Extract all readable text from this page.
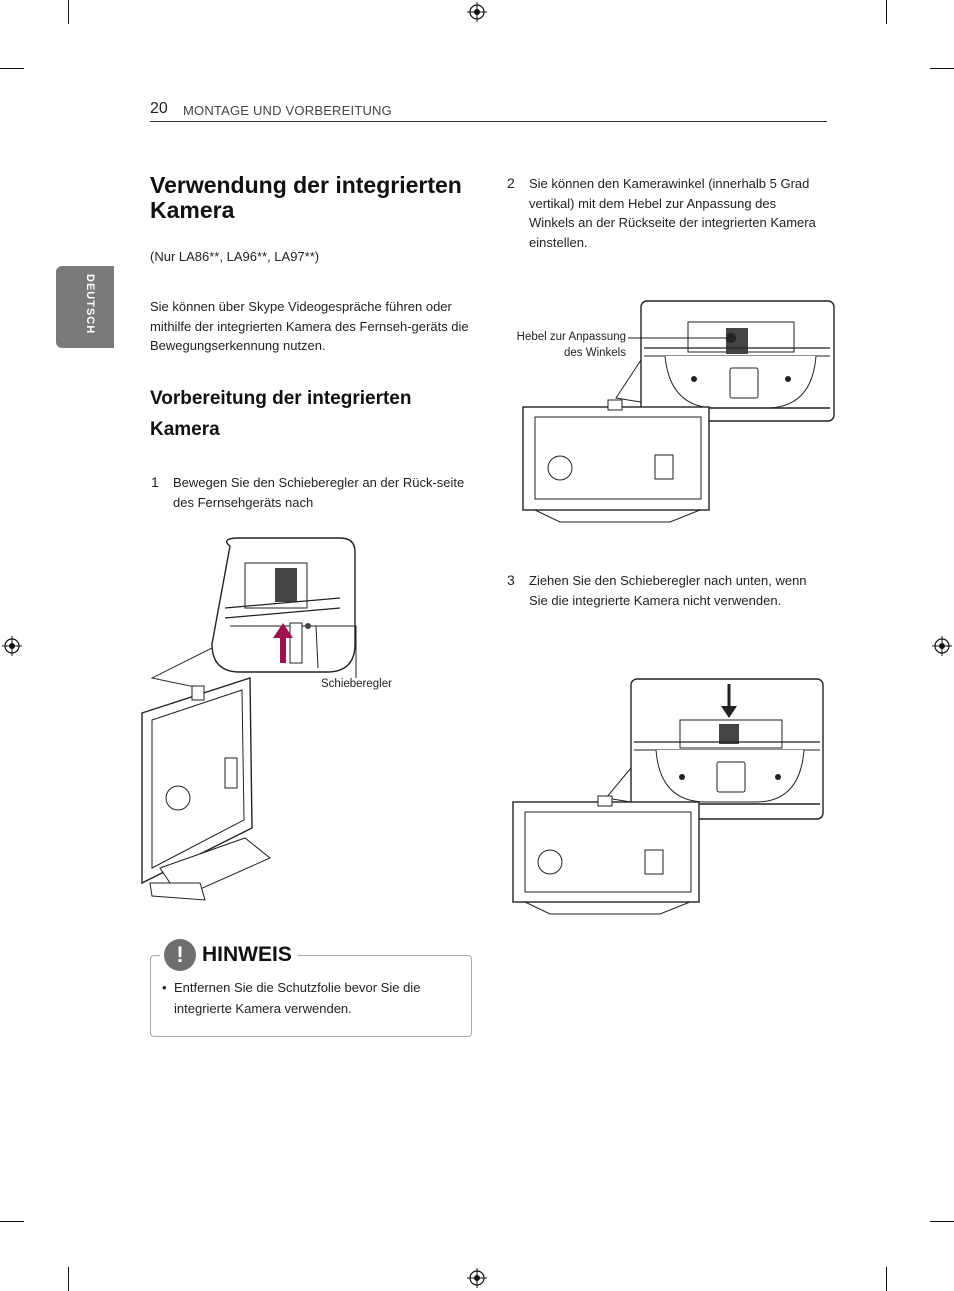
20 MONTAGE UND VORBEREITUNG
DEUTSCH
Verwendung der integrierten Kamera
(Nur LA86**, LA96**, LA97**)
Sie können über Skype Videogespräche führen oder mithilfe der integrierten Kamera des Fernseh-geräts die Bewegungserkennung nutzen.
Vorbereitung der integrierten Kamera
1 Bewegen Sie den Schieberegler an der Rück-seite des Fernsehgeräts nach
Schieberegler
! HINWEIS
• Entfernen Sie die Schutzfolie bevor Sie die integrierte Kamera verwenden.
2 Sie können den Kamerawinkel (innerhalb 5 Grad vertikal) mit dem Hebel zur Anpassung des Winkels an der Rückseite der integrierten Kamera einstellen.
Hebel zur Anpassung
des Winkels
3 Ziehen Sie den Schieberegler nach unten, wenn Sie die integrierte Kamera nicht verwenden.
